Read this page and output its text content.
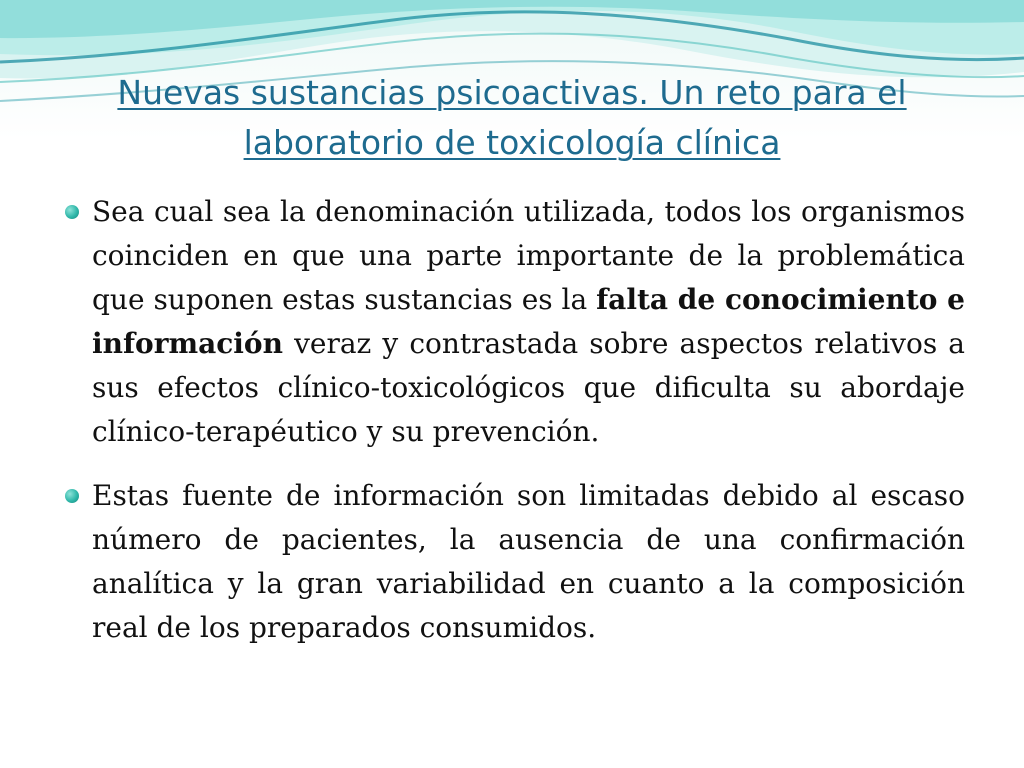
Nuevas sustancias psicoactivas. Un reto para el
laboratorio de toxicología clínica

Sea cual sea la denominación utilizada, todos los organismos coinciden en que una parte importante de la problemática que suponen estas sustancias es la falta de conocimiento e información veraz y contrastada sobre aspectos relativos a sus efectos clínico-toxicológicos que dificulta su abordaje clínico-terapéutico y su prevención.

Estas fuente de información son limitadas debido al escaso número de pacientes, la ausencia de una confirmación analítica y la gran variabilidad en cuanto a la composición real de los preparados consumidos.
